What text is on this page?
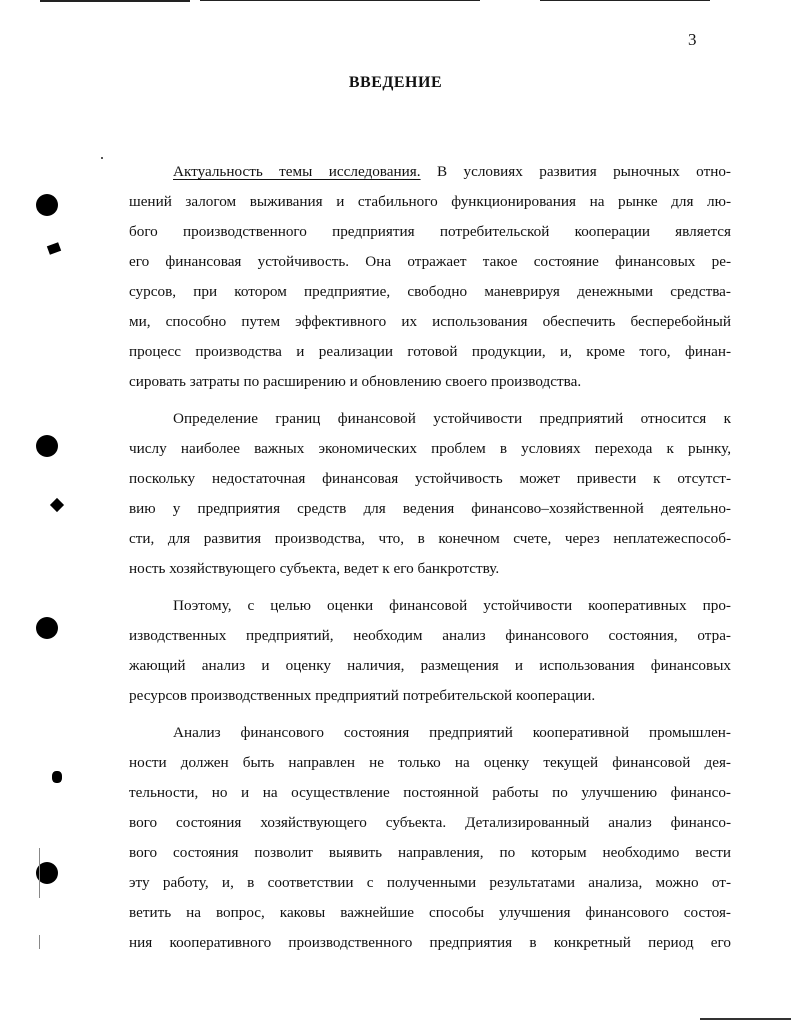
3
ВВЕДЕНИЕ
Актуальность темы исследования. В условиях развития рыночных отно-
шений залогом выживания и стабильного функционирования на рынке для лю-
бого производственного предприятия потребительской кооперации является
его финансовая устойчивость. Она отражает такое состояние финансовых ре-
сурсов, при котором предприятие, свободно маневрируя денежными средства-
ми, способно путем эффективного их использования обеспечить бесперебойный
процесс производства и реализации готовой продукции, и, кроме того, финан-
сировать затраты по расширению и обновлению своего производства.
Определение границ финансовой устойчивости предприятий относится к
числу наиболее важных экономических проблем в условиях перехода к рынку,
поскольку недостаточная финансовая устойчивость может привести к отсутст-
вию у предприятия средств для ведения финансово–хозяйственной деятельно-
сти, для развития производства, что, в конечном счете, через неплатежеспособ-
ность хозяйствующего субъекта, ведет к его банкротству.
Поэтому, с целью оценки финансовой устойчивости кооперативных про-
изводственных предприятий, необходим анализ финансового состояния, отра-
жающий анализ и оценку наличия, размещения и использования финансовых
ресурсов производственных предприятий потребительской кооперации.
Анализ финансового состояния предприятий кооперативной промышлен-
ности должен быть направлен не только на оценку текущей финансовой дея-
тельности, но и на осуществление постоянной работы по улучшению финансо-
вого состояния хозяйствующего субъекта. Детализированный анализ финансо-
вого состояния позволит выявить направления, по которым необходимо вести
эту работу, и, в соответствии с полученными результатами анализа, можно от-
ветить на вопрос, каковы важнейшие способы улучшения финансового состоя-
ния кооперативного производственного предприятия в конкретный период его
